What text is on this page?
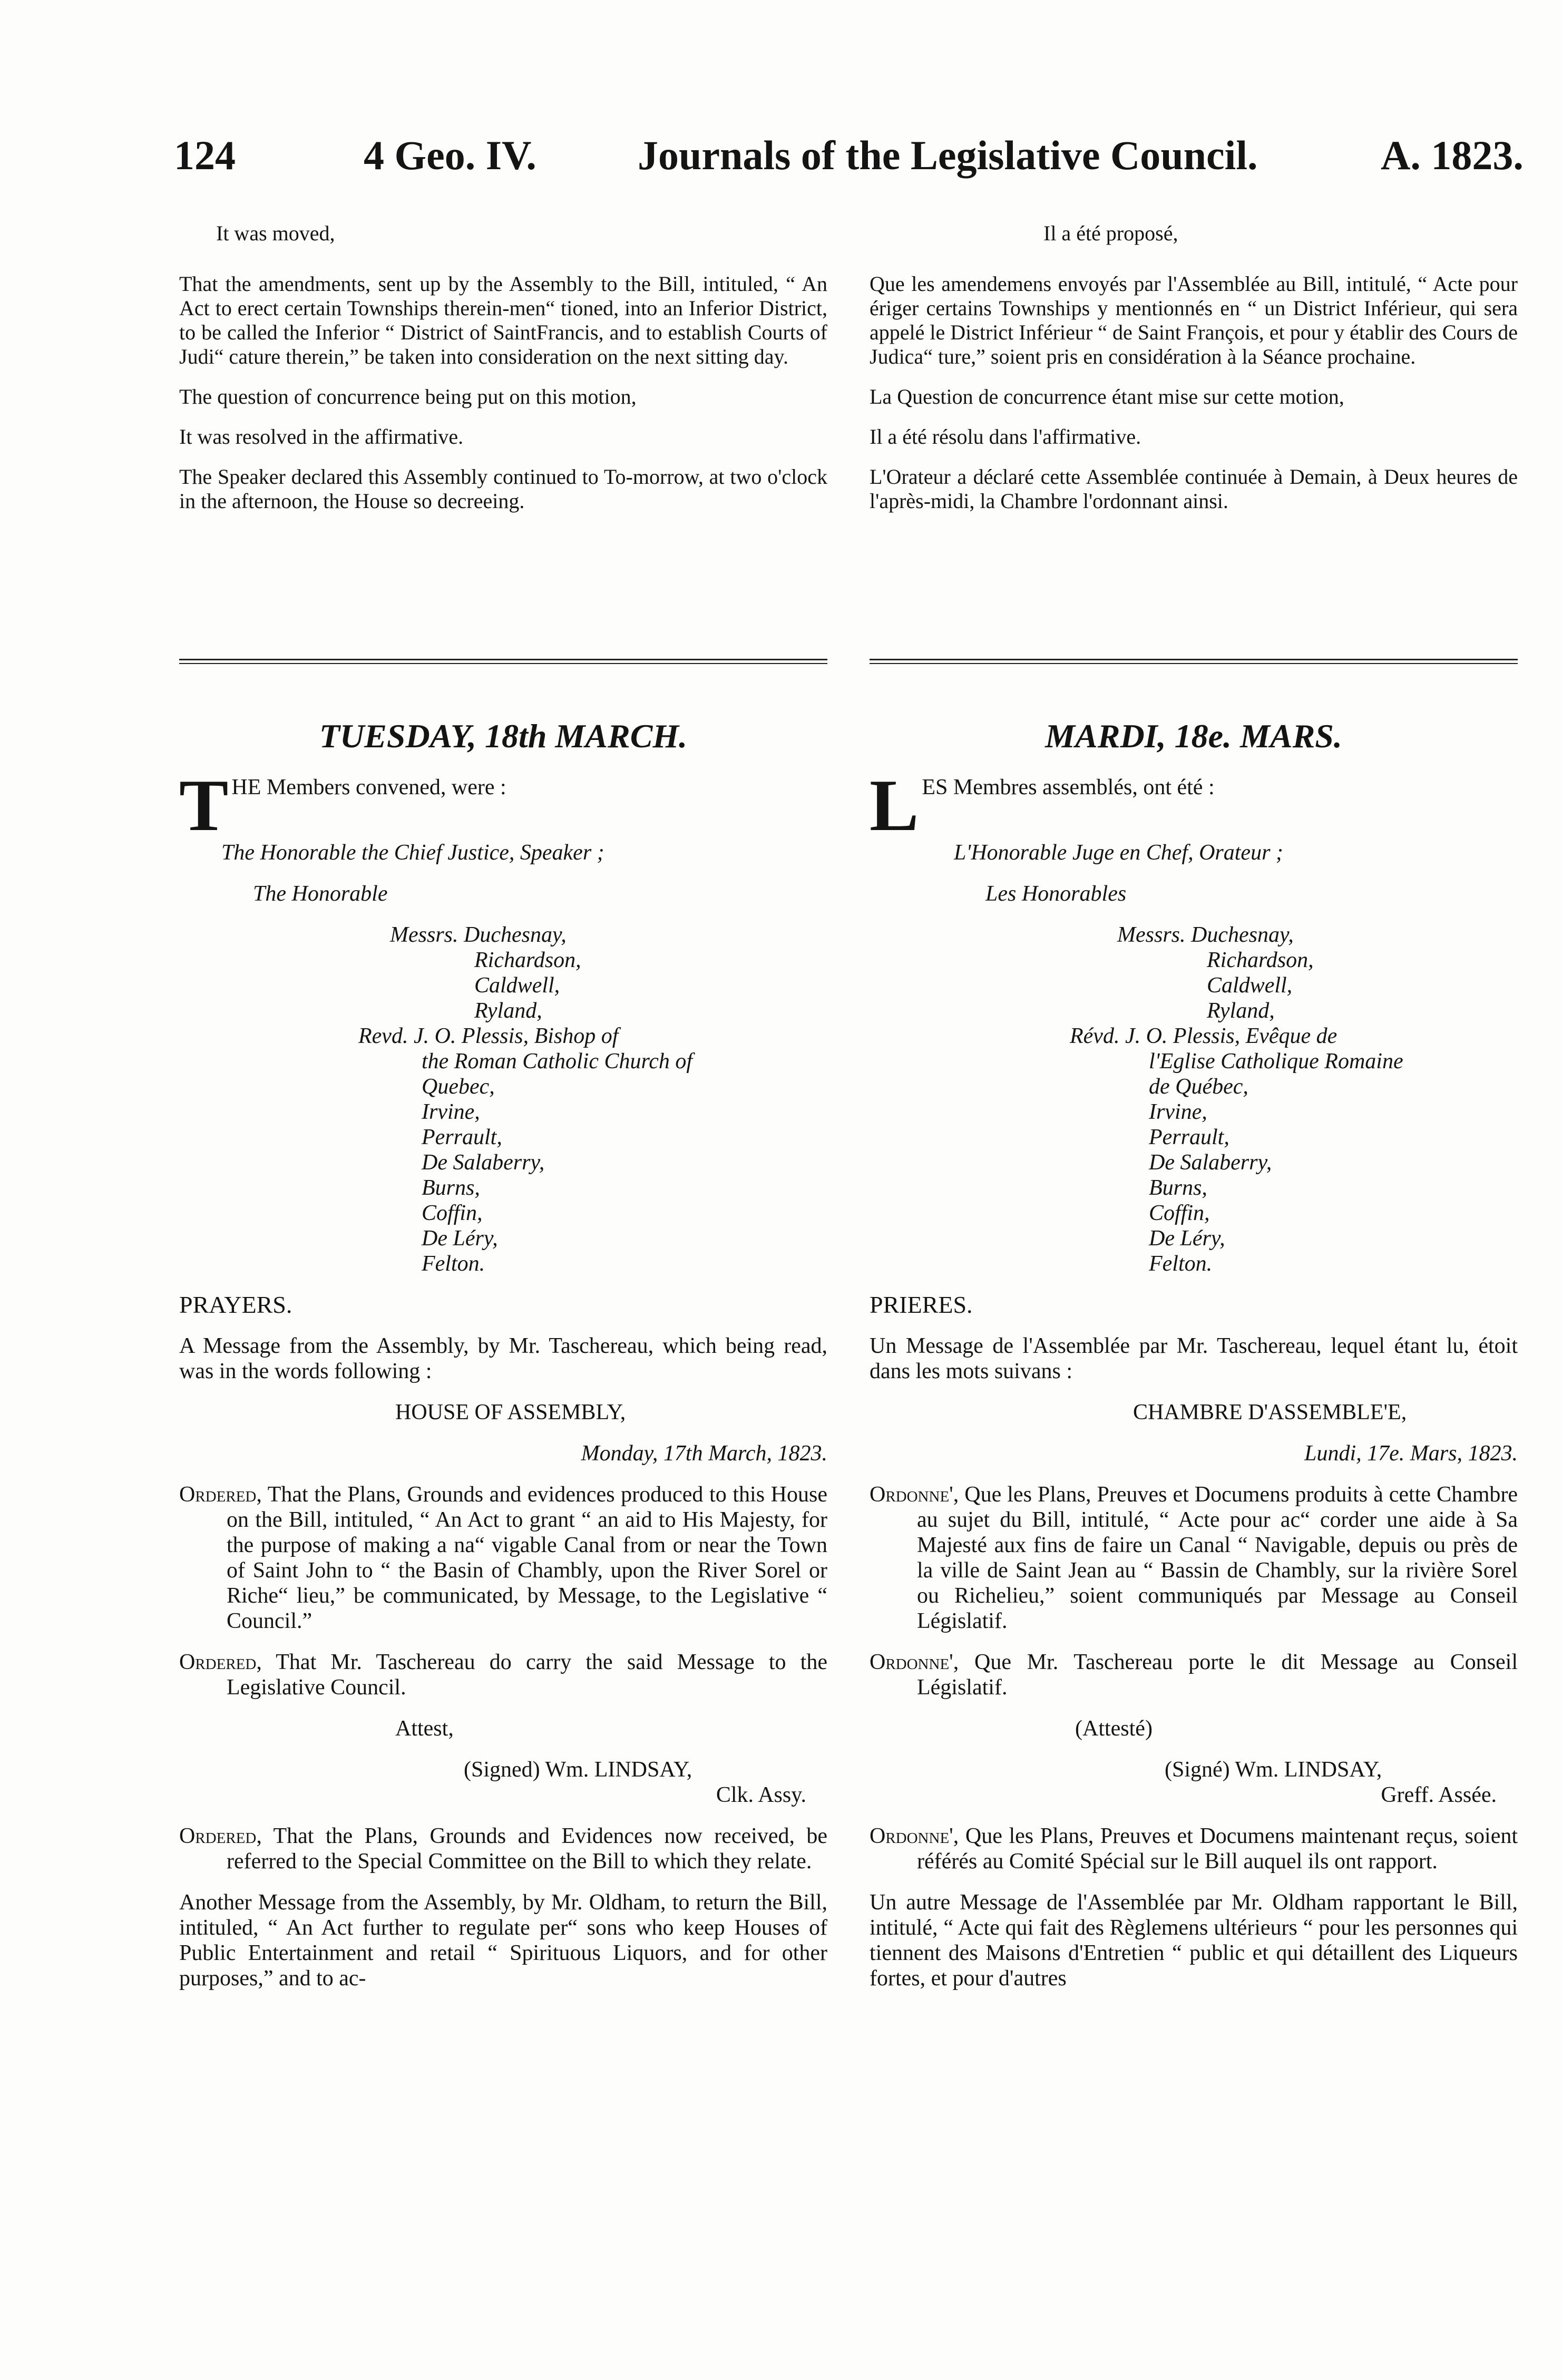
124	4 Geo. IV. Journals of the Legislative Council.	A. 1823.

It was moved,

That the amendments, sent up by the Assembly to the Bill, intituled, “ An Act to erect certain Townships therein-men“ tioned, into an Inferior District, to be called the Inferior “ District of SaintFrancis, and to establish Courts of Judi“ cature therein,” be taken into consideration on the next sitting day.

The question of concurrence being put on this motion,

It was resolved in the affirmative.

The Speaker declared this Assembly continued to To-morrow, at two o'clock in the afternoon, the House so decreeing.

Il a été proposé,

Que les amendemens envoyés par l'Assemblée au Bill, intitulé, “ Acte pour ériger certains Townships y mentionnés en “ un District Inférieur, qui sera appelé le District Inférieur “ de Saint François, et pour y établir des Cours de Judica“ ture,” soient pris en considération à la Séance prochaine.

La Question de concurrence étant mise sur cette motion,

Il a été résolu dans l'affirmative.

L'Orateur a déclaré cette Assemblée continuée à Demain, à Deux heures de l'après-midi, la Chambre l'ordonnant ainsi.

TUESDAY, 18th MARCH.	MARDI, 18e. MARS.

THE Members convened, were :

The Honorable the Chief Justice, Speaker ;

The Honorable

Messrs. Duchesnay,

Richardson,

Caldwell,

Ryland,

Revd. J. O. Plessis, Bishop of

the Roman Catholic Church of

Quebec,

Irvine,

Perrault,

De Salaberry,

Burns,

Coffin,

De Léry,

Felton.

PRAYERS.

A Message from the Assembly, by Mr. Taschereau, which being read, was in the words following :

HOUSE OF ASSEMBLY,

Monday, 17th March, 1823.

Ordered, That the Plans, Grounds and evidences produced to this House on the Bill, intituled, “ An Act to grant “ an aid to His Majesty, for the purpose of making a na“ vigable Canal from or near the Town of Saint John to “ the Basin of Chambly, upon the River Sorel or Riche“ lieu,” be communicated, by Message, to the Legislative “ Council.”

Ordered, That Mr. Taschereau do carry the said Message to the Legislative Council.

Attest,

(Signed) Wm. LINDSAY,

Clk. Assy.

Ordered, That the Plans, Grounds and Evidences now received, be referred to the Special Committee on the Bill to which they relate.

Another Message from the Assembly, by Mr. Oldham, to return the Bill, intituled, “ An Act further to regulate per“ sons who keep Houses of Public Entertainment and retail “ Spirituous Liquors, and for other purposes,” and to ac-

LES Membres assemblés, ont été :

L'Honorable Juge en Chef, Orateur ;

Les Honorables

Messrs. Duchesnay,

Richardson,

Caldwell,

Ryland,

Révd. J. O. Plessis, Evêque de

l'Eglise Catholique Romaine

de Québec,

Irvine,

Perrault,

De Salaberry,

Burns,

Coffin,

De Léry,

Felton.

PRIERES.

Un Message de l'Assemblée par Mr. Taschereau, lequel étant lu, étoit dans les mots suivans :

CHAMBRE D'ASSEMBLE'E,

Lundi, 17e. Mars, 1823.

Ordonne', Que les Plans, Preuves et Documens produits à cette Chambre au sujet du Bill, intitulé, “ Acte pour ac“ corder une aide à Sa Majesté aux fins de faire un Canal “ Navigable, depuis ou près de la ville de Saint Jean au “ Bassin de Chambly, sur la rivière Sorel ou Richelieu,” soient communiqués par Message au Conseil Législatif.

Ordonne', Que Mr. Taschereau porte le dit Message au Conseil Législatif.

(Attesté)

(Signé) Wm. LINDSAY,

Greff. Assée.

Ordonne', Que les Plans, Preuves et Documens maintenant reçus, soient référés au Comité Spécial sur le Bill auquel ils ont rapport.

Un autre Message de l'Assemblée par Mr. Oldham rapportant le Bill, intitulé, “ Acte qui fait des Règlemens ultérieurs “ pour les personnes qui tiennent des Maisons d'Entretien “ public et qui détaillent des Liqueurs fortes, et pour d'autres
